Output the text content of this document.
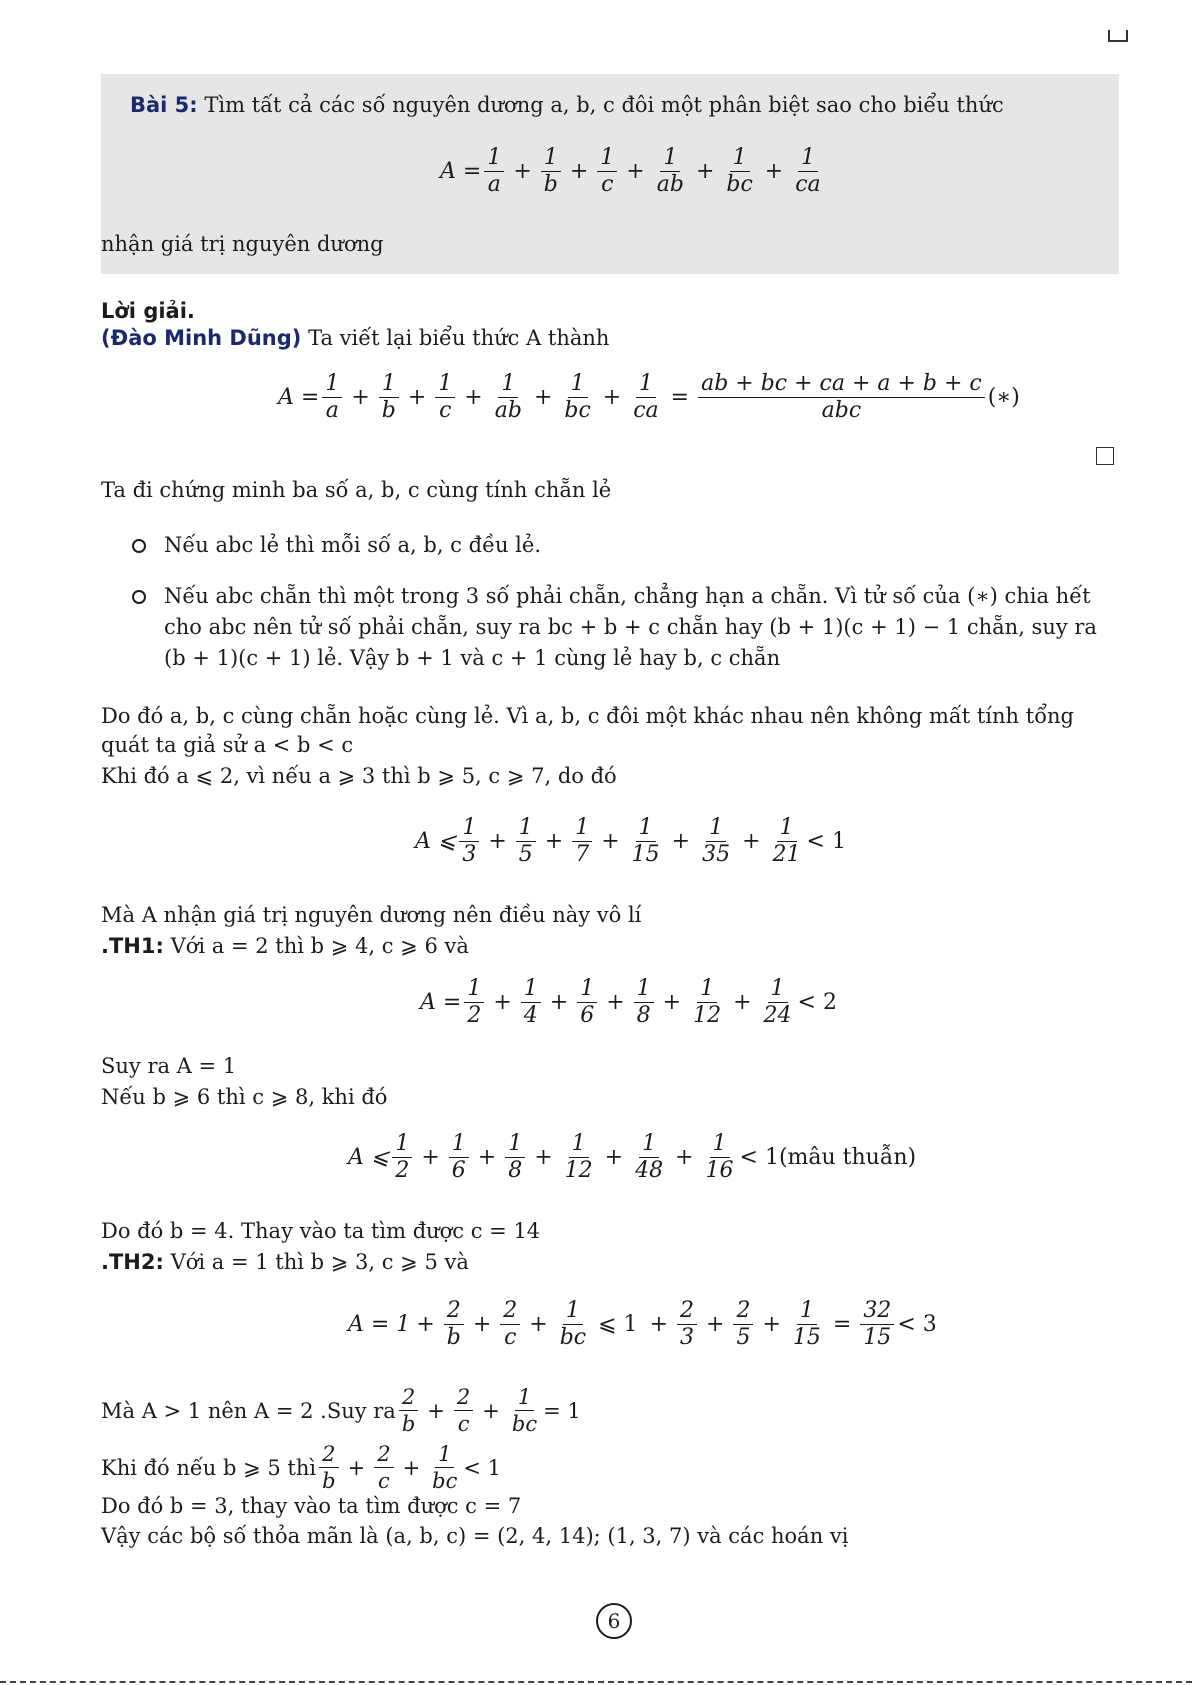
Bài 5: Tìm tất cả các số nguyên dương a, b, c đôi một phân biệt sao cho biểu thức
$A = \frac{1}{a} + \frac{1}{b} + \frac{1}{c} + \frac{1}{ab} + \frac{1}{bc} + \frac{1}{ca}$
nhận giá trị nguyên dương
Lời giải.
(Đào Minh Dũng) Ta viết lại biểu thức A thành
$A = \frac{1}{a} + \frac{1}{b} + \frac{1}{c} + \frac{1}{ab} + \frac{1}{bc} + \frac{1}{ca} = \frac{ab + bc + ca + a + b + c}{\text{abc}}$ (∗)
Ta đi chứng minh ba số a, b, c cùng tính chẵn lẻ
Nếu abc lẻ thì mỗi số a, b, c đều lẻ.
Nếu abc chẵn thì một trong 3 số phải chẵn, chẳng hạn a chẵn. Vì tử số của (∗) chia hết
cho abc nên tử số phải chẵn, suy ra bc + b + c chẵn hay (b + 1)(c + 1) − 1 chẵn, suy ra
(b + 1)(c + 1) lẻ. Vậy b + 1 và c + 1 cùng lẻ hay b, c chẵn
Do đó a, b, c cùng chẵn hoặc cùng lẻ. Vì a, b, c đôi một khác nhau nên không mất tính tổng
quát ta giả sử a < b < c
Khi đó a ⩽ 2, vì nếu a ⩾ 3 thì b ⩾ 5, c ⩾ 7, do đó
A ⩽ $\frac{1}{3} + \frac{1}{5} + \frac{1}{7} + \frac{1}{15} + \frac{1}{35} + \frac{1}{21} < 1$
Mà A nhận giá trị nguyên dương nên điều này vô lí
.TH1: Với a = 2 thì b ⩾ 4, c ⩾ 6 và
$A = \frac{1}{2} + \frac{1}{4} + \frac{1}{6} + \frac{1}{8} + \frac{1}{12} + \frac{1}{24} < 2$
Suy ra A = 1
Nếu b ⩾ 6 thì c ⩾ 8, khi đó
A ⩽ $\frac{1}{2} + \frac{1}{6} + \frac{1}{8} + \frac{1}{12} + \frac{1}{48} + \frac{1}{16}$ < 1(mâu thuẫn)
Do đó b = 4. Thay vào ta tìm được c = 14
.TH2: Với a = 1 thì b ⩾ 3, c ⩾ 5 và
$A = 1 + \frac{2}{b} + \frac{2}{c} + \frac{1}{bc}$ ⩽ $1 + \frac{2}{3} + \frac{2}{5} + \frac{1}{15} = \frac{32}{15} < 3$
Mà A > 1 nên A = 2 .Suy ra $\frac{2}{b} + \frac{2}{c} + \frac{1}{bc} = 1$
Khi đó nếu b ⩾ 5 thì $\frac{2}{b} + \frac{2}{c} + \frac{1}{bc} < 1$
Do đó b = 3, thay vào ta tìm được c = 7
Vậy các bộ số thỏa mãn là (a, b, c) = (2, 4, 14); (1, 3, 7) và các hoán vị
6
